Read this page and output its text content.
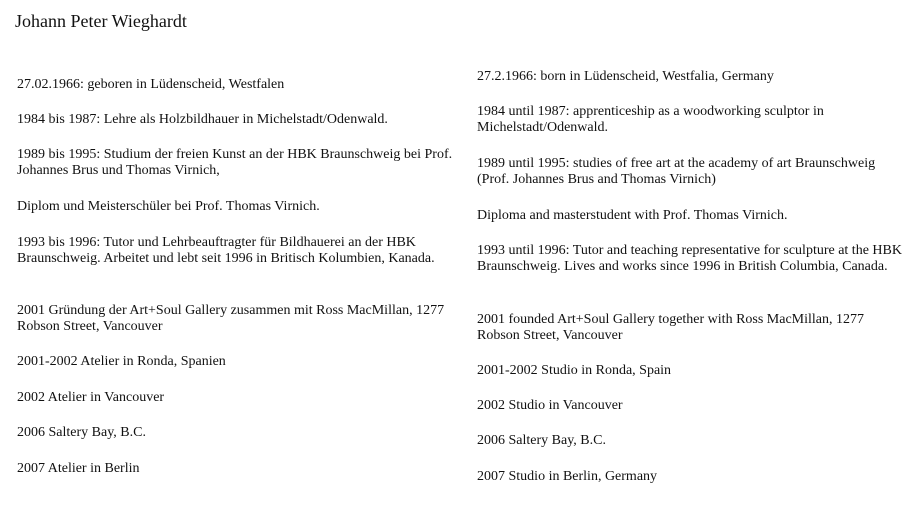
Johann Peter Wieghardt
27.02.1966: geboren in Lüdenscheid, Westfalen
1984 bis 1987: Lehre als Holzbildhauer in Michelstadt/Odenwald.
1989 bis 1995: Studium der freien Kunst an der HBK Braunschweig bei Prof. Johannes Brus und Thomas Virnich,
Diplom und Meisterschüler bei Prof. Thomas Virnich.
1993 bis 1996: Tutor und Lehrbeauftragter für Bildhauerei an der HBK Braunschweig. Arbeitet und lebt seit 1996 in Britisch Kolumbien, Kanada.
2001 Gründung der Art+Soul Gallery zusammen mit Ross MacMillan, 1277 Robson Street, Vancouver
2001-2002 Atelier in Ronda, Spanien
2002 Atelier in Vancouver
2006 Saltery Bay, B.C.
2007 Atelier in Berlin
27.2.1966: born in Lüdenscheid, Westfalia, Germany
1984 until 1987: apprenticeship as a woodworking sculptor in Michelstadt/Odenwald.
1989 until 1995: studies of free art at the academy of art Braunschweig (Prof. Johannes Brus and Thomas Virnich)
Diploma and masterstudent with Prof. Thomas Virnich.
1993 until 1996: Tutor and teaching representative for sculpture at the HBK Braunschweig. Lives and works since 1996 in British Columbia, Canada.
2001 founded Art+Soul Gallery together with Ross MacMillan, 1277 Robson Street, Vancouver
2001-2002 Studio in Ronda, Spain
2002 Studio in Vancouver
2006 Saltery Bay, B.C.
2007 Studio in Berlin, Germany
